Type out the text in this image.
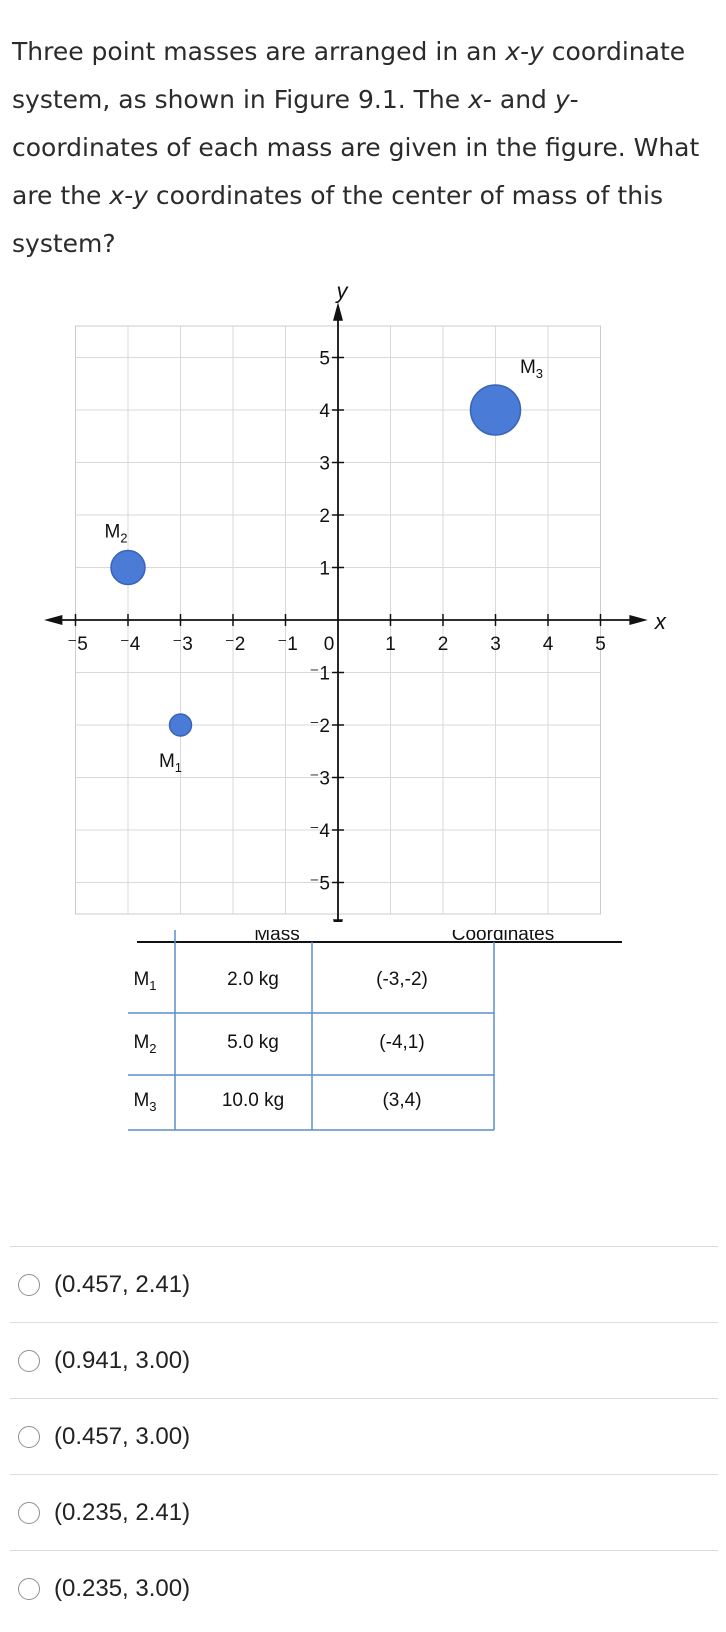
Three point masses are arranged in an x-y coordinate system, as shown in Figure 9.1. The x- and y-coordinates of each mass are given in the figure. What are the x-y coordinates of the center of mass of this system?
x
y
⁻5 ⁻4 ⁻3 ⁻2 ⁻1 0	1 2 3 4 5
5
4
3
2
1
⁻1
⁻2
⁻3
⁻4
⁻5
$M_1$
$M_2$
$M_3$
Mass	Coordinates
$M_1$	2.0 kg	(-3,-2)
$M_2$	5.0 kg	(-4,1)
$M_3$	10.0 kg	(3,4)
(0.457, 2.41)
(0.941, 3.00)
(0.457, 3.00)
(0.235, 2.41)
(0.235, 3.00)
